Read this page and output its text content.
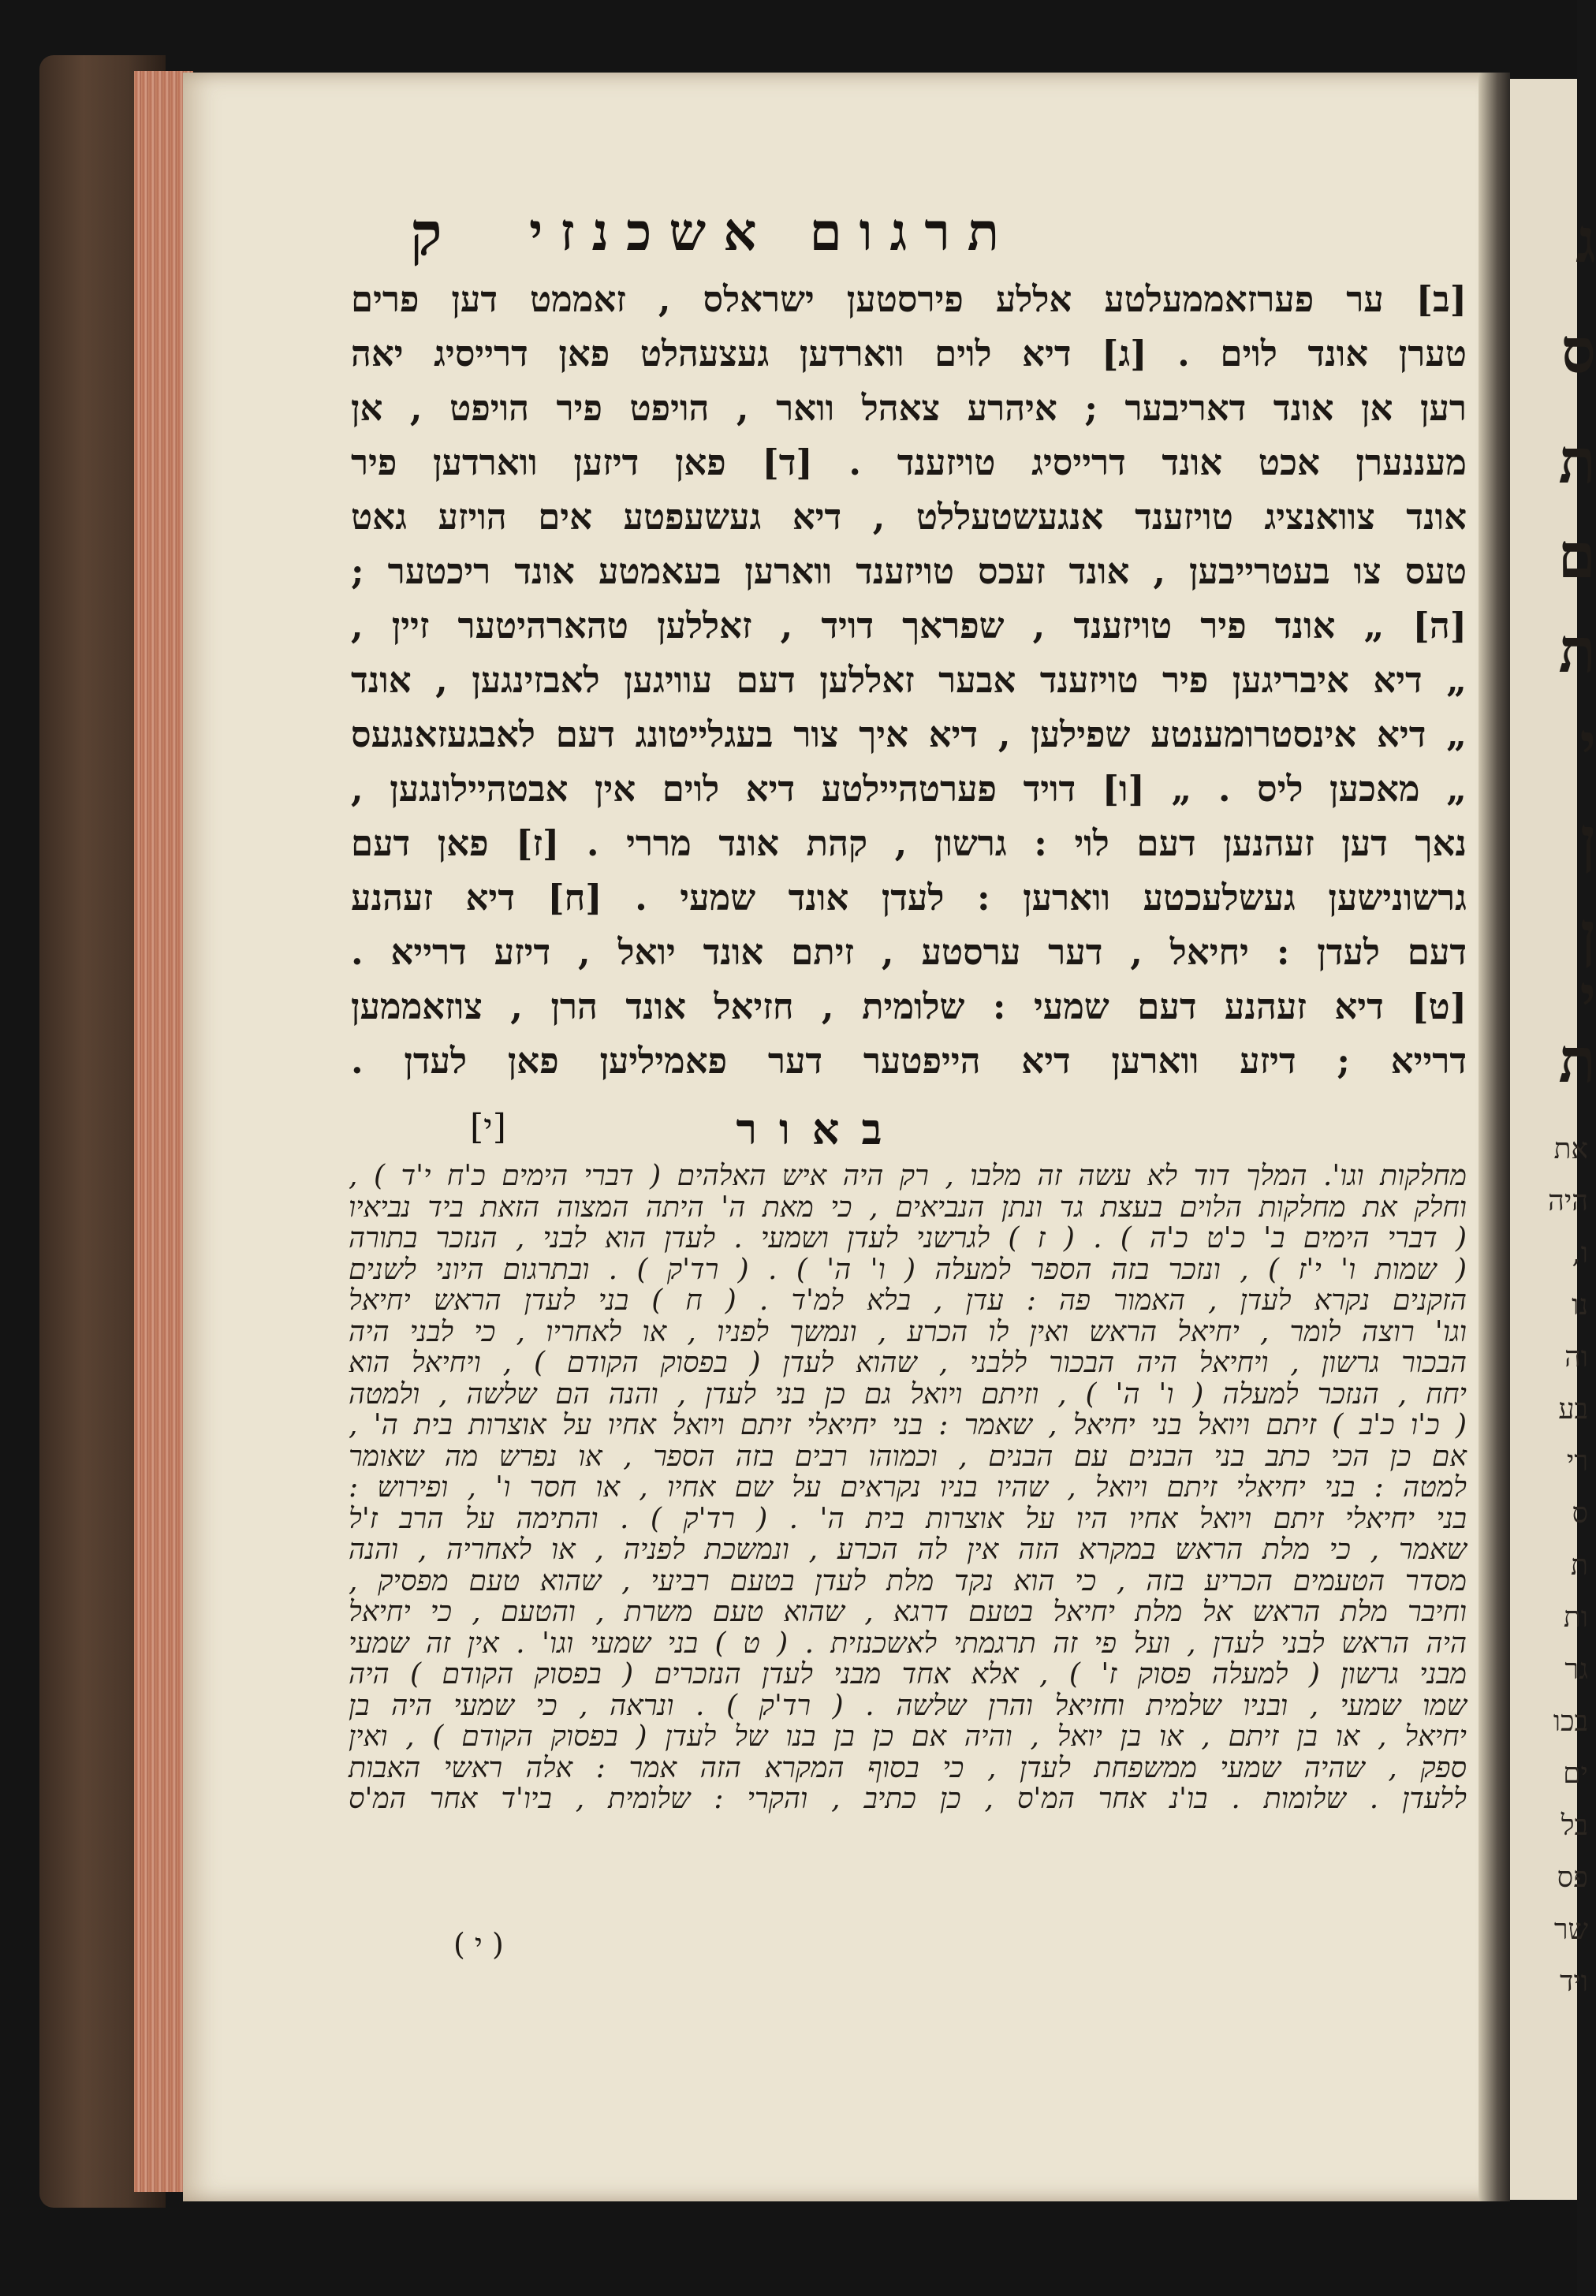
תרגום אשכנזי
ק
[ב] ער פערזאממעלטע אללע פירסטען ישראלס , זאממט דען פרים
טערן אונד לוים . [ג] דיא לוים ווארדען געצעהלט פאן דרייסיג יאה
רען אן אונד דאריבער ; איהרע צאהל וואר , הויפט פיר הויפט , אן
מעננערן אכט אונד דרייסיג טויזענד . [ד] פאן דיזען ווארדען פיר
אונד צוואנציג טויזענד אנגעשטעללט , דיא געשעפטע אים הויזע גאט
טעס צו בעטרייבען , אונד זעכס טויזענד ווארען בעאמטע אונד ריכטער ;
[ה] „ אונד פיר טויזענד , שפראך דויד , זאללען טהארהיטער זיין ,
„ דיא איבריגען פיר טויזענד אבער זאללען דעם עוויגען לאבזינגען , אונד
„ דיא אינסטרומענטע שפילען , דיא איך צור בעגלייטונג דעם לאבגעזאנגעס
„ מאכען ליס . „ [ו] דויד פערטהיילטע דיא לוים אין אבטהיילונגען ,
נאך דען זעהנען דעם לוי : גרשון , קהת אונד מררי . [ז] פאן דעם
גרשונישען געשלעכטע ווארען : לעדן אונד שמעי . [ח] דיא זעהנע
דעם לעדן : יחיאל , דער ערסטע , זיתם אונד יואל , דיזע דרייא .
[ט] דיא זעהנע דעם שמעי : שלומית , חזיאל אונד הרן , צוזאממען
דרייא ; דיזע ווארען דיא הייפטער דער פאמיליען פאן לעדן .
באור
[י]
מחלקות וגו'. המלך דוד לא עשה זה מלבו , רק היה איש האלהים ( דברי הימים כ'ח י'ד ) ,
וחלק את מחלקות הלוים בעצת גד ונתן הנביאים , כי מאת ה' היתה המצוה הזאת ביד נביאיו
( דברי הימים ב' כ'ט כ'ה ) . ( ז ) לגרשני לעדן ושמעי . לעדן הוא לבני , הנזכר בתורה
( שמות ו' י'ז ) , ונזכר בזה הספר למעלה ( ו' ה' ) . ( רד'ק ) . ובתרגום היוני לשנים
הזקנים נקרא לעדן , האמור פה : עדן , בלא למ'ד . ( ח ) בני לעדן הראש יחיאל
וגו' רוצה לומר , יחיאל הראש ואין לו הכרע , ונמשך לפניו , או לאחריו , כי לבני היה
הבכור גרשון , ויחיאל היה הבכור ללבני , שהוא לעדן ( בפסוק הקודם ) , ויחיאל הוא
יחח , הנזכר למעלה ( ו' ה' ) , וזיתם ויואל גם כן בני לעדן , והנה הם שלשה , ולמטה
( כ'ו כ'ב ) זיתם ויואל בני יחיאל , שאמר : בני יחיאלי זיתם ויואל אחיו על אוצרות בית ה' ,
אם כן הכי כתב בני הבנים עם הבנים , וכמוהו רבים בזה הספר , או נפרש מה שאומר
למטה : בני יחיאלי זיתם ויואל , שהיו בניו נקראים על שם אחיו , או חסר ו' , ופירוש :
בני יחיאלי זיתם ויואל אחיו היו על אוצרות בית ה' . ( רד'ק ) . והתימה על הרב ז'ל
שאמר , כי מלת הראש במקרא הזה אין לה הכרע , ונמשכת לפניה , או לאחריה , והנה
מסדר הטעמים הכריע בזה , כי הוא נקד מלת לעדן בטעם רביעי , שהוא טעם מפסיק ,
וחיבר מלת הראש אל מלת יחיאל בטעם דרגא , שהוא טעם משרת , והטעם , כי יחיאל
היה הראש לבני לעדן , ועל פי זה תרגמתי לאשכנזית . ( ט ) בני שמעי וגו' . אין זה שמעי
מבני גרשון ( למעלה פסוק ז' ) , אלא אחד מבני לעדן הנזכרים ( בפסוק הקודם ) היה
שמו שמעי , ובניו שלמית וחזיאל והרן שלשה . ( רד'ק ) . ונראה , כי שמעי היה בן
יחיאל , או בן זיתם , או בן יואל , והיה אם כן בן בנו של לעדן ( בפסוק הקודם ) , ואין
ספק , שהיה שמעי ממשפחת לעדן , כי בסוף המקרא הזה אמר : אלה ראשי האבות
ללעדן . שלומות . בו'נ אחר המ'ס , כן כתיב , והקרי : שלומית , ביו'ד אחר המ'ס
( י )
ג
ס
ת
ם
ת
י
ן
ן
י
ת
את
היה
ו,
נו
וה
בע
רי
ס
ת
ות
גר
בכו
ים
בל
פס
שר
ויד
